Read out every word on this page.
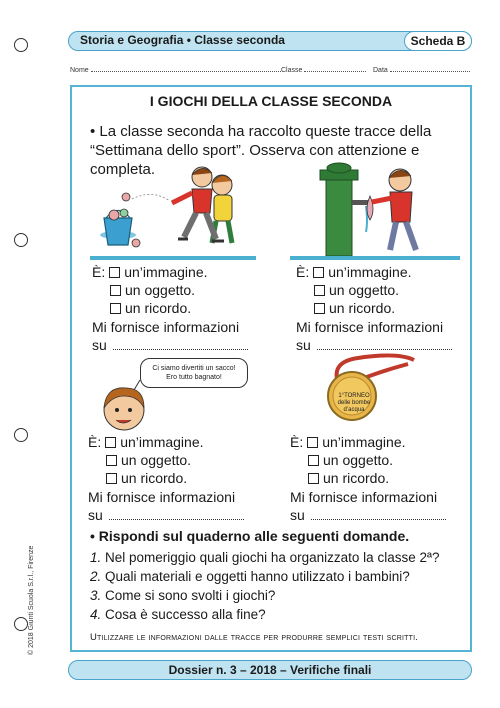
Storia e Geografia • Classe seconda	Scheda B
Nome	Classe	Data
I GIOCHI DELLA CLASSE SECONDA
• La classe seconda ha raccolto queste tracce della “Settimana dello sport”. Osserva con attenzione e completa.
È: un’immagine.
un oggetto.
un ricordo.
Mi fornisce informazioni
su
È: un’immagine.
un oggetto.
un ricordo.
Mi fornisce informazioni
su
Ci siamo divertiti un sacco!
Ero tutto bagnato!
1°TORNEO
delle bombe
d’acqua
È: un’immagine.
un oggetto.
un ricordo.
Mi fornisce informazioni
su
È: un’immagine.
un oggetto.
un ricordo.
Mi fornisce informazioni
su
• Rispondi sul quaderno alle seguenti domande.
1. Nel pomeriggio quali giochi ha organizzato la classe 2ª?
2. Quali materiali e oggetti hanno utilizzato i bambini?
3. Come si sono svolti i giochi?
4. Cosa è successo alla fine?
Utilizzare le informazioni dalle tracce per produrre semplici testi scritti.
Dossier n. 3 – 2018 – Verifiche finali
© 2018 Giunti Scuola S.r.l., Firenze
